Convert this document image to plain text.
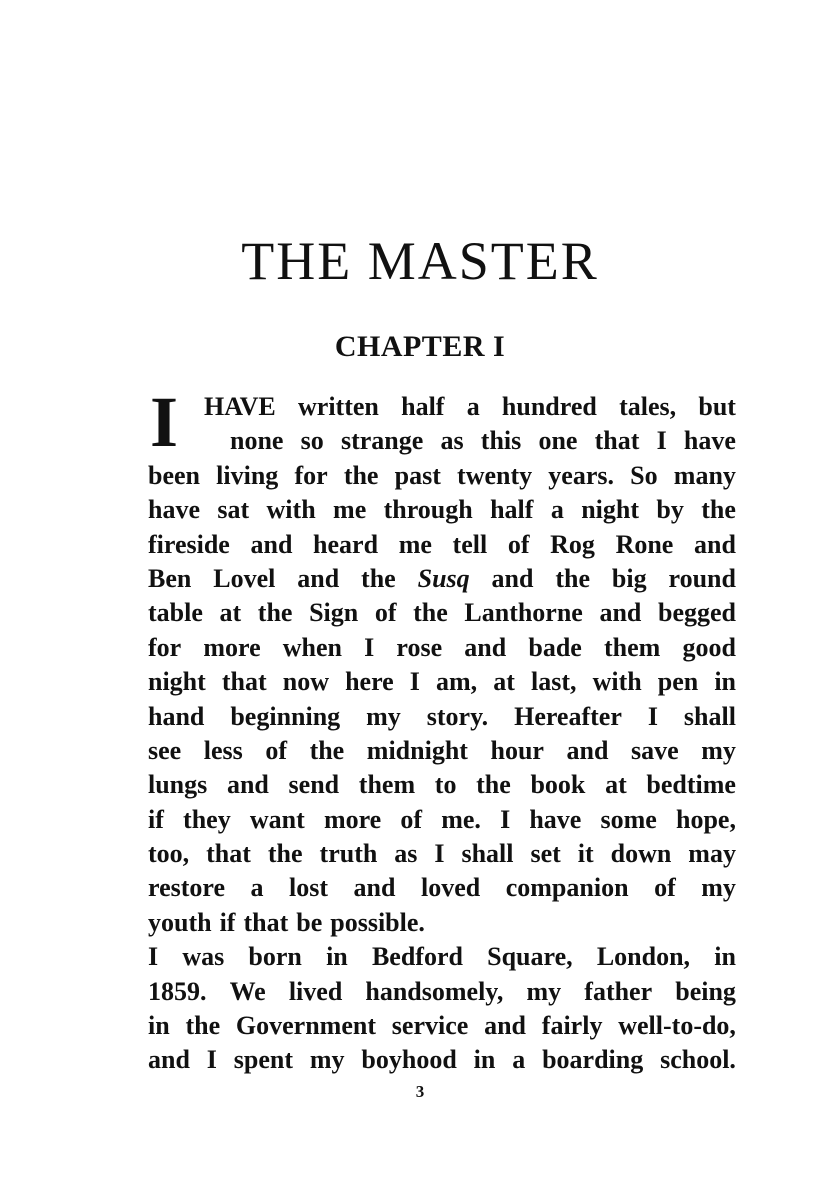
THE MASTER
CHAPTER I
I HAVE written half a hundred tales, but
none so strange as this one that I have
been living for the past twenty years. So many
have sat with me through half a night by the
fireside and heard me tell of Rog Rone and
Ben Lovel and the Susq and the big round
table at the Sign of the Lanthorne and begged
for more when I rose and bade them good
night that now here I am, at last, with pen in
hand beginning my story. Hereafter I shall
see less of the midnight hour and save my
lungs and send them to the book at bedtime
if they want more of me. I have some hope,
too, that the truth as I shall set it down may
restore a lost and loved companion of my
youth if that be possible.
I was born in Bedford Square, London, in
1859. We lived handsomely, my father being
in the Government service and fairly well-to-do,
and I spent my boyhood in a boarding school.
3
